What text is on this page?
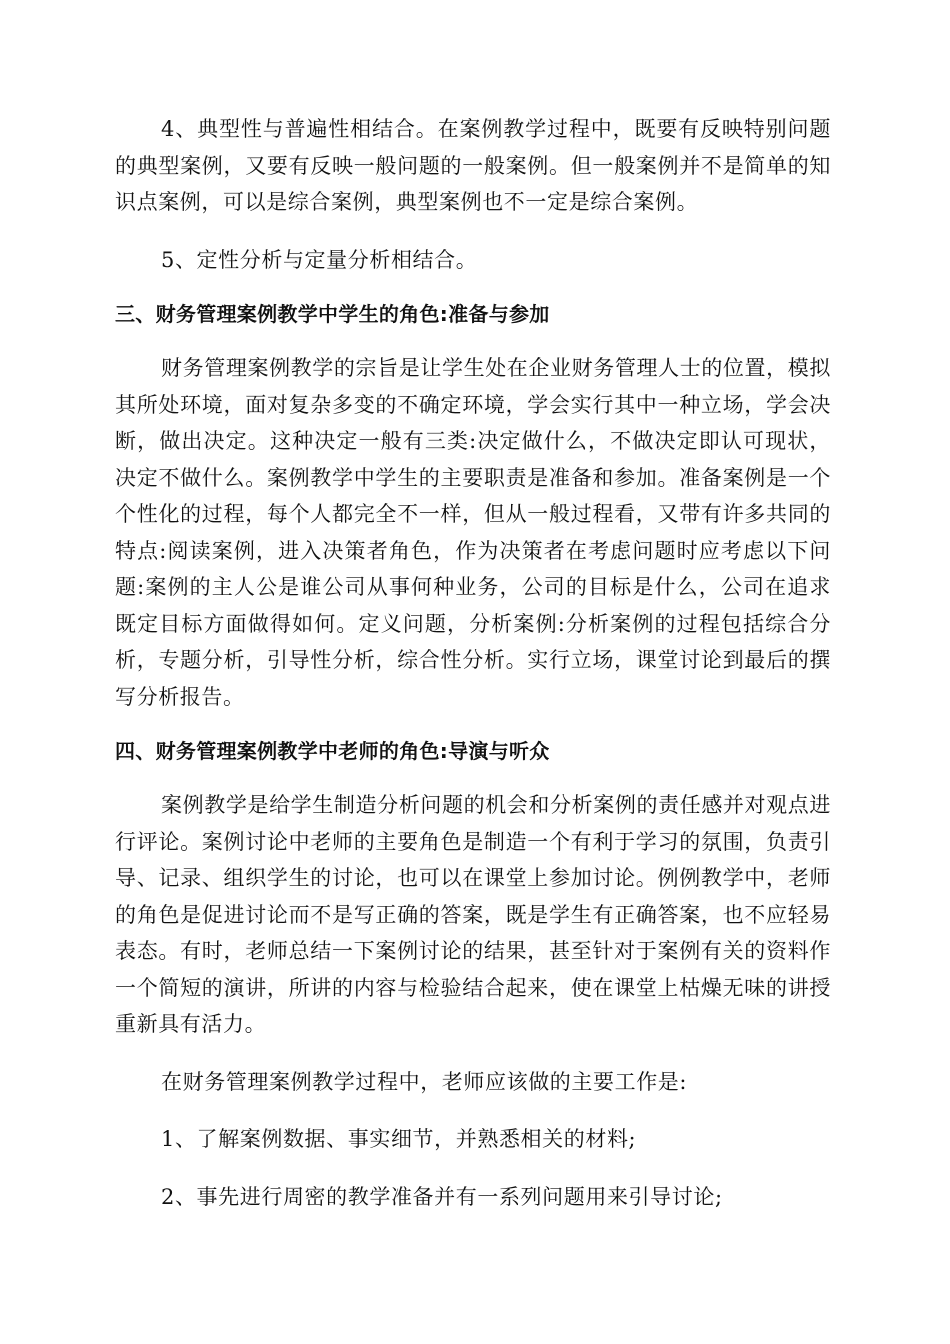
4、典型性与普遍性相结合。在案例教学过程中，既要有反映特别问题的典型案例，又要有反映一般问题的一般案例。但一般案例并不是简单的知识点案例，可以是综合案例，典型案例也不一定是综合案例。

5、定性分析与定量分析相结合。

三、财务管理案例教学中学生的角色:准备与参加

财务管理案例教学的宗旨是让学生处在企业财务管理人士的位置，模拟其所处环境，面对复杂多变的不确定环境，学会实行其中一种立场，学会决断，做出决定。这种决定一般有三类:决定做什么，不做决定即认可现状，决定不做什么。案例教学中学生的主要职责是准备和参加。准备案例是一个个性化的过程，每个人都完全不一样，但从一般过程看，又带有许多共同的特点:阅读案例，进入决策者角色，作为决策者在考虑问题时应考虑以下问题:案例的主人公是谁公司从事何种业务，公司的目标是什么，公司在追求既定目标方面做得如何。定义问题，分析案例:分析案例的过程包括综合分析，专题分析，引导性分析，综合性分析。实行立场，课堂讨论到最后的撰写分析报告。

四、财务管理案例教学中老师的角色:导演与听众

案例教学是给学生制造分析问题的机会和分析案例的责任感并对观点进行评论。案例讨论中老师的主要角色是制造一个有利于学习的氛围，负责引导、记录、组织学生的讨论，也可以在课堂上参加讨论。例例教学中，老师的角色是促进讨论而不是写正确的答案，既是学生有正确答案，也不应轻易表态。有时，老师总结一下案例讨论的结果，甚至针对于案例有关的资料作一个简短的演讲，所讲的内容与检验结合起来，使在课堂上枯燥无味的讲授重新具有活力。

在财务管理案例教学过程中，老师应该做的主要工作是:

1、了解案例数据、事实细节，并熟悉相关的材料;

2、事先进行周密的教学准备并有一系列问题用来引导讨论;
